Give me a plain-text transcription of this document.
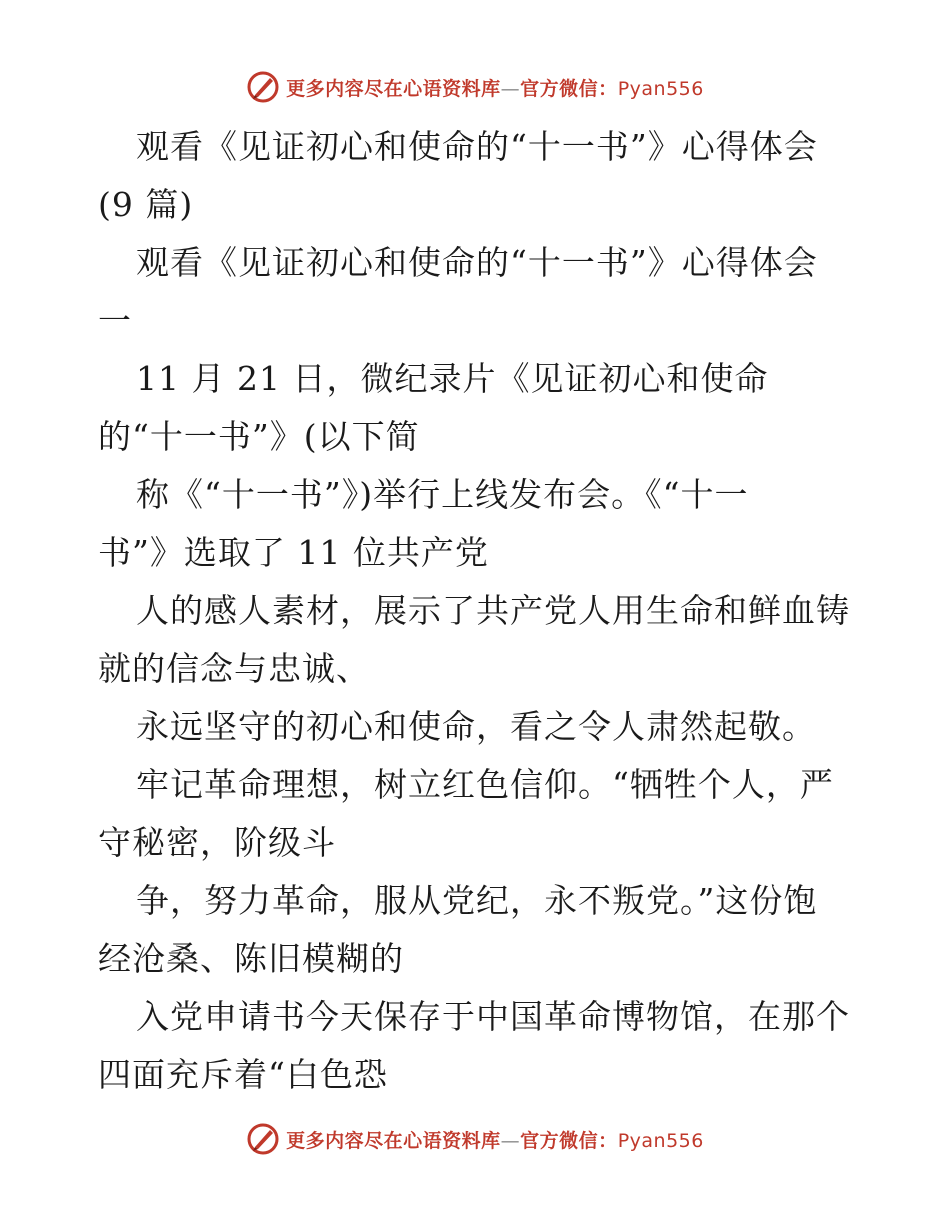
更多内容尽在心语资料库—官方微信：Pyan556
观看《见证初心和使命的“十一书”》心得体会
(9 篇)
观看《见证初心和使命的“十一书”》心得体会
一
11 月 21 日，微纪录片《见证初心和使命
的“十一书”》(以下简
称《“十一书”》)举行上线发布会。《“十一
书”》选取了 11 位共产党
人的感人素材，展示了共产党人用生命和鲜血铸
就的信念与忠诚、
永远坚守的初心和使命，看之令人肃然起敬。
牢记革命理想，树立红色信仰。“牺牲个人，严
守秘密，阶级斗
争，努力革命，服从党纪，永不叛党。”这份饱
经沧桑、陈旧模糊的
入党申请书今天保存于中国革命博物馆，在那个
四面充斥着“白色恐
更多内容尽在心语资料库—官方微信：Pyan556
